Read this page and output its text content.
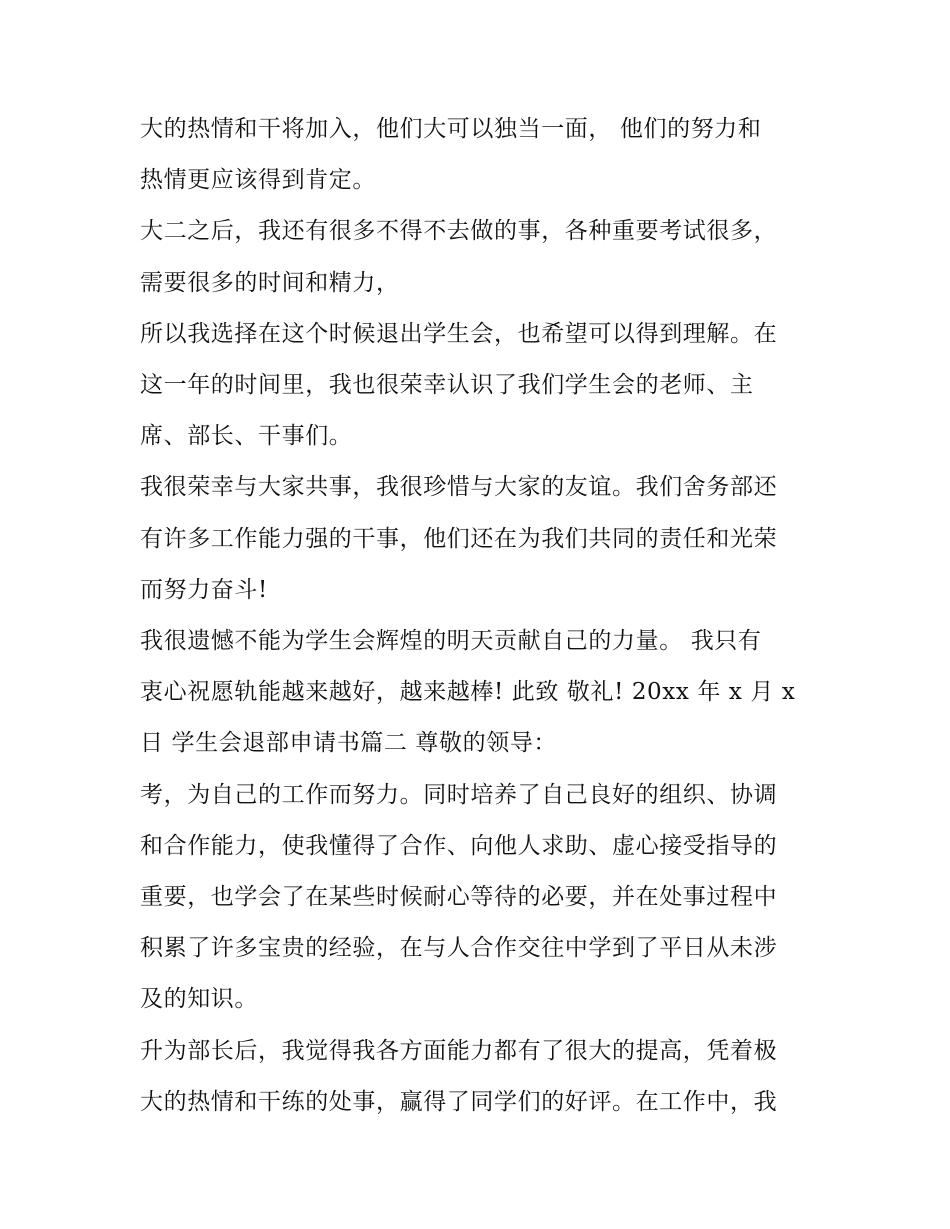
大的热情和干将加入，他们大可以独当一面， 他们的努力和
热情更应该得到肯定。
大二之后，我还有很多不得不去做的事，各种重要考试很多，
需要很多的时间和精力，
所以我选择在这个时候退出学生会，也希望可以得到理解。在
这一年的时间里，我也很荣幸认识了我们学生会的老师、主
席、部长、干事们。
我很荣幸与大家共事，我很珍惜与大家的友谊。我们舍务部还
有许多工作能力强的干事，他们还在为我们共同的责任和光荣
而努力奋斗!
我很遗憾不能为学生会辉煌的明天贡献自己的力量。 我只有
衷心祝愿轨能越来越好，越来越棒! 此致 敬礼! 20xx 年 x 月 x
日 学生会退部申请书篇二 尊敬的领导：
考，为自己的工作而努力。同时培养了自己良好的组织、协调
和合作能力，使我懂得了合作、向他人求助、虚心接受指导的
重要，也学会了在某些时候耐心等待的必要，并在处事过程中
积累了许多宝贵的经验，在与人合作交往中学到了平日从未涉
及的知识。
升为部长后，我觉得我各方面能力都有了很大的提高，凭着极
大的热情和干练的处事，赢得了同学们的好评。在工作中，我
